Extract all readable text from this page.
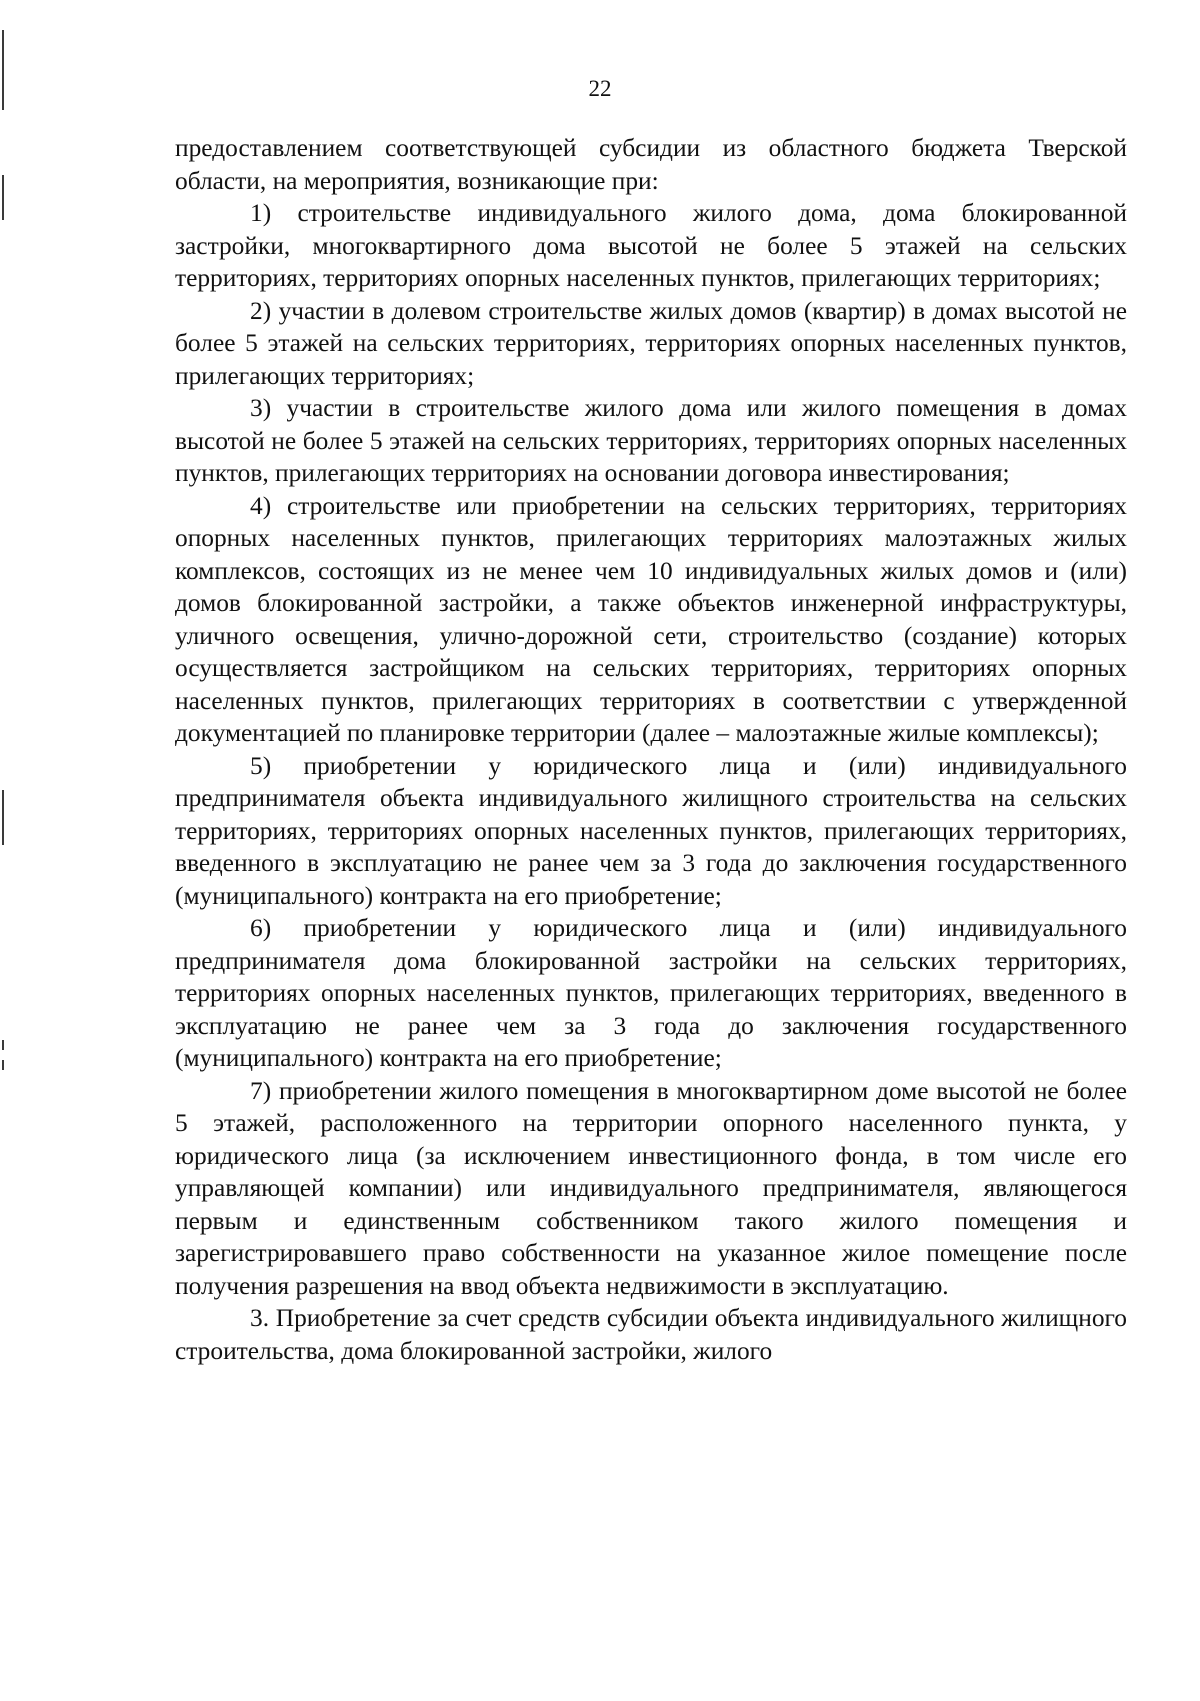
22

предоставлением соответствующей субсидии из областного бюджета Тверской области, на мероприятия, возникающие при:

1) строительстве индивидуального жилого дома, дома блокированной застройки, многоквартирного дома высотой не более 5 этажей на сельских территориях, территориях опорных населенных пунктов, прилегающих территориях;

2) участии в долевом строительстве жилых домов (квартир) в домах высотой не более 5 этажей на сельских территориях, территориях опорных населенных пунктов, прилегающих территориях;

3) участии в строительстве жилого дома или жилого помещения в домах высотой не более 5 этажей на сельских территориях, территориях опорных населенных пунктов, прилегающих территориях на основании договора инвестирования;

4) строительстве или приобретении на сельских территориях, территориях опорных населенных пунктов, прилегающих территориях малоэтажных жилых комплексов, состоящих из не менее чем 10 индивидуальных жилых домов и (или) домов блокированной застройки, а также объектов инженерной инфраструктуры, уличного освещения, улично-дорожной сети, строительство (создание) которых осуществляется застройщиком на сельских территориях, территориях опорных населенных пунктов, прилегающих территориях в соответствии с утвержденной документацией по планировке территории (далее – малоэтажные жилые комплексы);

5) приобретении у юридического лица и (или) индивидуального предпринимателя объекта индивидуального жилищного строительства на сельских территориях, территориях опорных населенных пунктов, прилегающих территориях, введенного в эксплуатацию не ранее чем за 3 года до заключения государственного (муниципального) контракта на его приобретение;

6) приобретении у юридического лица и (или) индивидуального предпринимателя дома блокированной застройки на сельских территориях, территориях опорных населенных пунктов, прилегающих территориях, введенного в эксплуатацию не ранее чем за 3 года до заключения государственного (муниципального) контракта на его приобретение;

7) приобретении жилого помещения в многоквартирном доме высотой не более 5 этажей, расположенного на территории опорного населенного пункта, у юридического лица (за исключением инвестиционного фонда, в том числе его управляющей компании) или индивидуального предпринимателя, являющегося первым и единственным собственником такого жилого помещения и зарегистрировавшего право собственности на указанное жилое помещение после получения разрешения на ввод объекта недвижимости в эксплуатацию.

3. Приобретение за счет средств субсидии объекта индивидуального жилищного строительства, дома блокированной застройки, жилого
